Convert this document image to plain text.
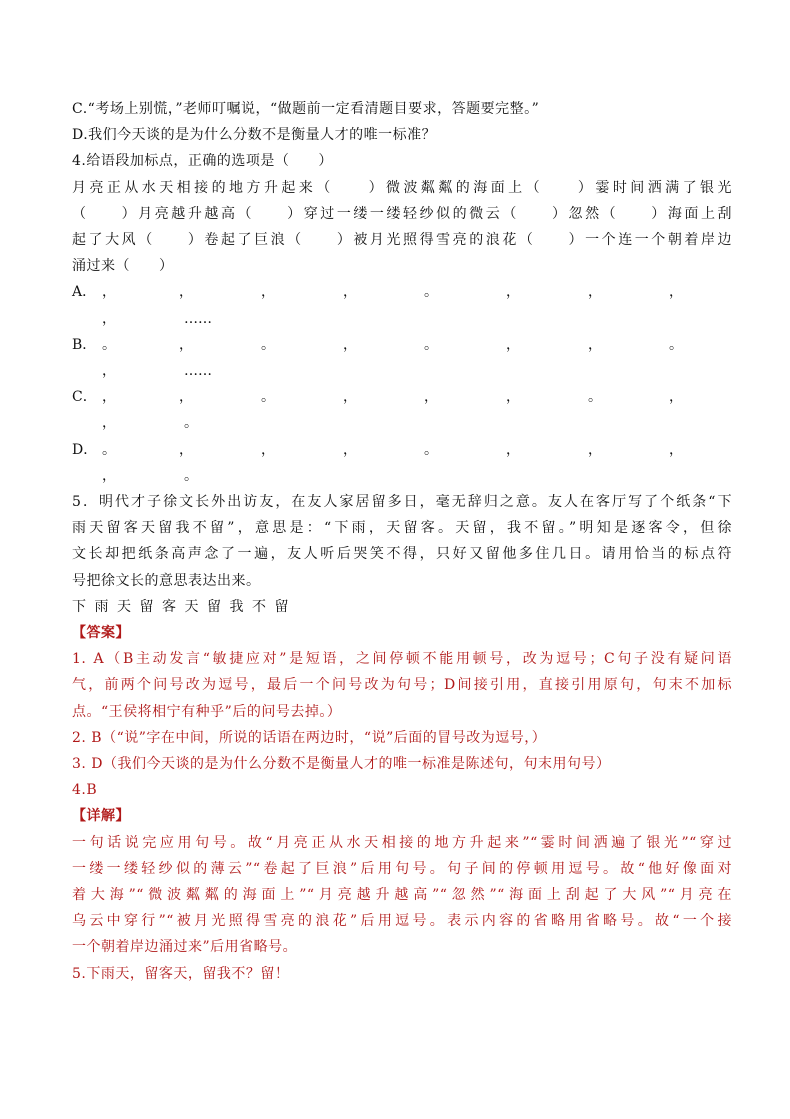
C.“考场上别慌，”老师叮嘱说，“做题前一定看清题目要求，答题要完整。”
D.我们今天谈的是为什么分数不是衡量人才的唯一标准？
4.给语段加标点，正确的选项是（　　）
月亮正从水天相接的地方升起来（　　）微波粼粼的海面上（　　）霎时间洒满了银光
（　　）月亮越升越高（　　）穿过一缕一缕轻纱似的微云（　　）忽然（　　）海面上刮
起了大风（　　）卷起了巨浪（　　）被月光照得雪亮的浪花（　　）一个连一个朝着岸边
涌过来（　　）
A． ，	，	，	，	。	，	，	，
，	……
B． 。	，	。	，	。	，	，	。
，	……
C． ，	，	。	，	，	，	。	，
，	。
D． 。	，	，	，	。	，	，	，
，	。
5．明代才子徐文长外出访友，在友人家居留多日，毫无辞归之意。友人在客厅写了个纸条“下
雨天留客天留我不留”，意思是：“下雨，天留客。天留，我不留。”明知是逐客令，但徐
文长却把纸条高声念了一遍，友人听后哭笑不得，只好又留他多住几日。请用恰当的标点符
号把徐文长的意思表达出来。
下 雨 天 留 客 天 留 我 不 留
【答案】
1. A（B主动发言“敏捷应对”是短语，之间停顿不能用顿号，改为逗号；C句子没有疑问语
气，前两个问号改为逗号，最后一个问号改为句号；D间接引用，直接引用原句，句末不加标
点。“王侯将相宁有种乎”后的问号去掉。）
2. B（“说”字在中间，所说的话语在两边时，“说”后面的冒号改为逗号，）
3. D（我们今天谈的是为什么分数不是衡量人才的唯一标准是陈述句，句末用句号）
4.B
【详解】
一句话说完应用句号。故“月亮正从水天相接的地方升起来”“霎时间洒遍了银光”“穿过
一缕一缕轻纱似的薄云”“卷起了巨浪”后用句号。句子间的停顿用逗号。故“他好像面对
着大海”“微波粼粼的海面上”“月亮越升越高”“忽然”“海面上刮起了大风”“月亮在
乌云中穿行”“被月光照得雪亮的浪花”后用逗号。表示内容的省略用省略号。故“一个接
一个朝着岸边涌过来”后用省略号。
5.下雨天，留客天，留我不？留！
